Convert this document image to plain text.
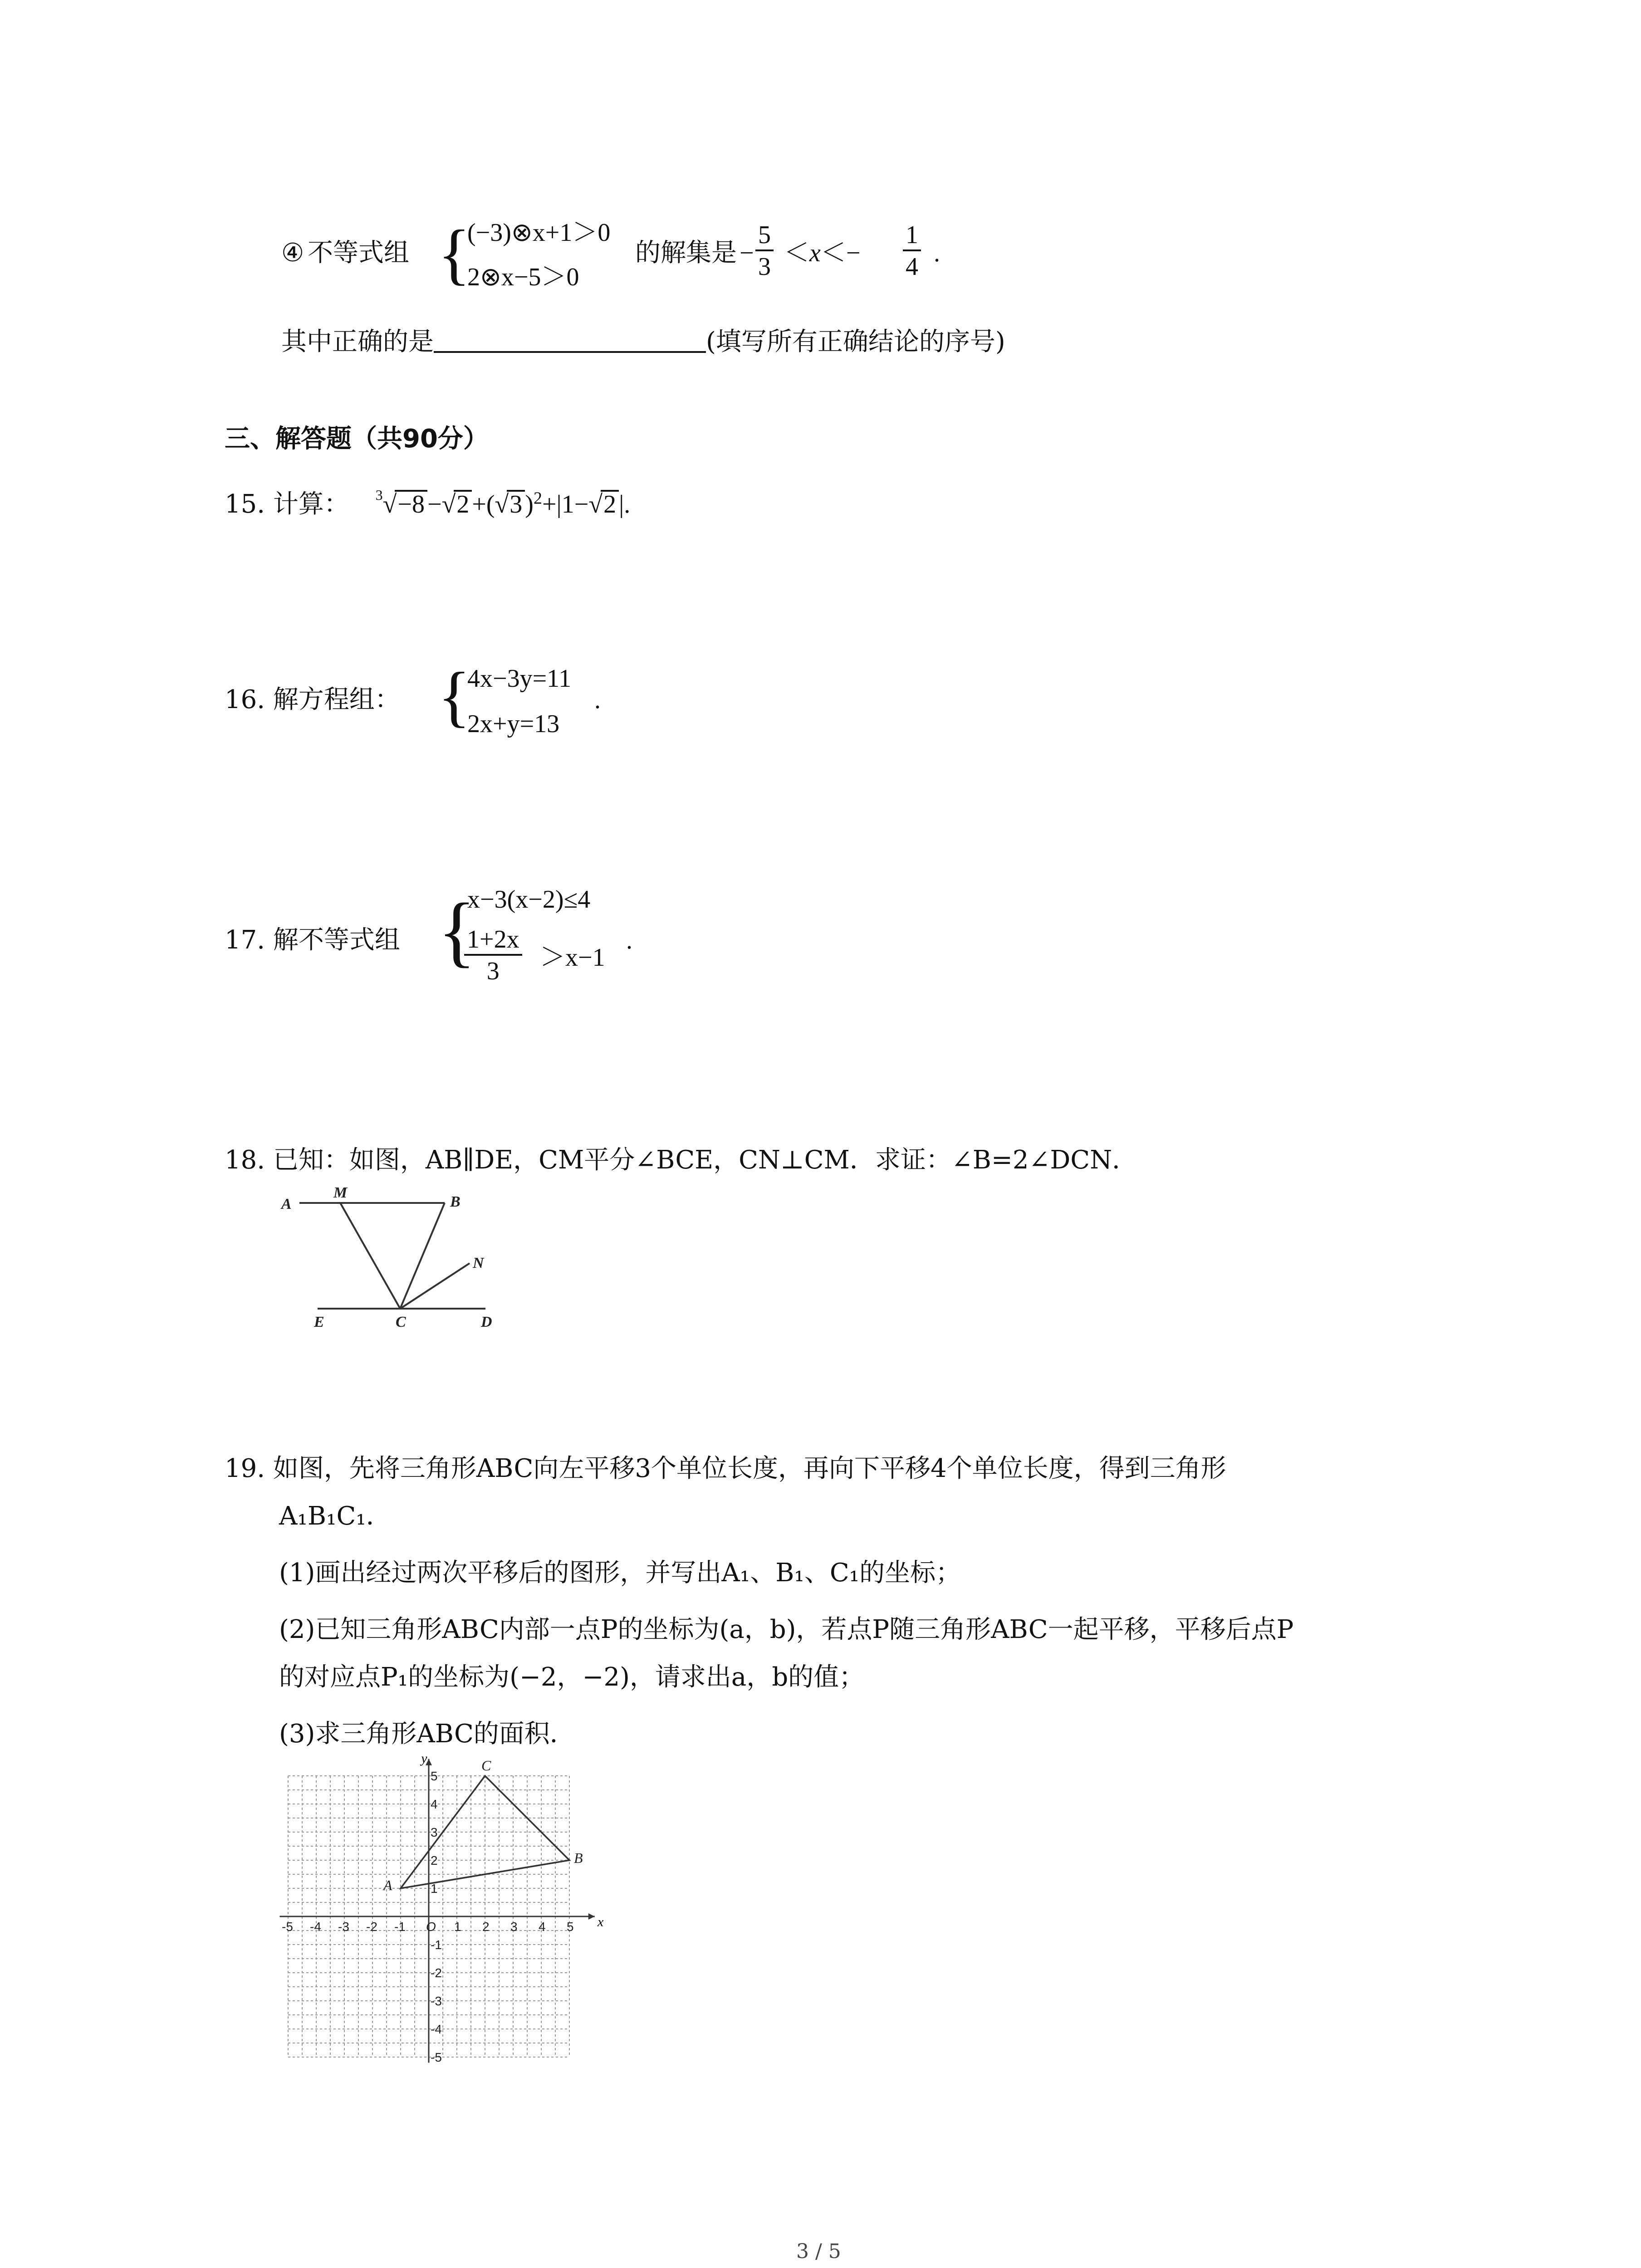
④ 不等式组 {
(−3)⊗x+1＞0
2⊗x−5＞0
的解集是 − $\frac{5}{3} <x<- \frac{1}{4}$ .
其中正确的是	(填写所有正确结论的序号)
三、解答题（共90分）
15. 计算： $^3$√−8 −√2 +(√3 )$^2$+|1−√2 |.
16. 解方程组： {
4x−3y=11
2x+y=13
.
17. 解不等式组 {
x−3(x−2)≤4
$\frac{1+2x}{3} >x-1$
.
18. 已知：如图，AB∥DE，CM平分∠BCE，CN⊥CM．求证：∠B=2∠DCN．
A
M
B
N
E	C	D
19. 如图，先将三角形ABC向左平移3个单位长度，再向下平移4个单位长度，得到三角形
A₁B₁C₁．
(1)画出经过两次平移后的图形，并写出A₁、B₁、C₁的坐标；
(2)已知三角形ABC内部一点P的坐标为(a，b)，若点P随三角形ABC一起平移，平移后点P
的对应点P₁的坐标为(−2，−2)，请求出a，b的值；
(3)求三角形ABC的面积．
x
y
-5 -4 -3 -2 -1 O 1 2 3 4 5
5
4
3
2
1
-1
-2
-3
-4
-5
A
B
C
3 / 5
